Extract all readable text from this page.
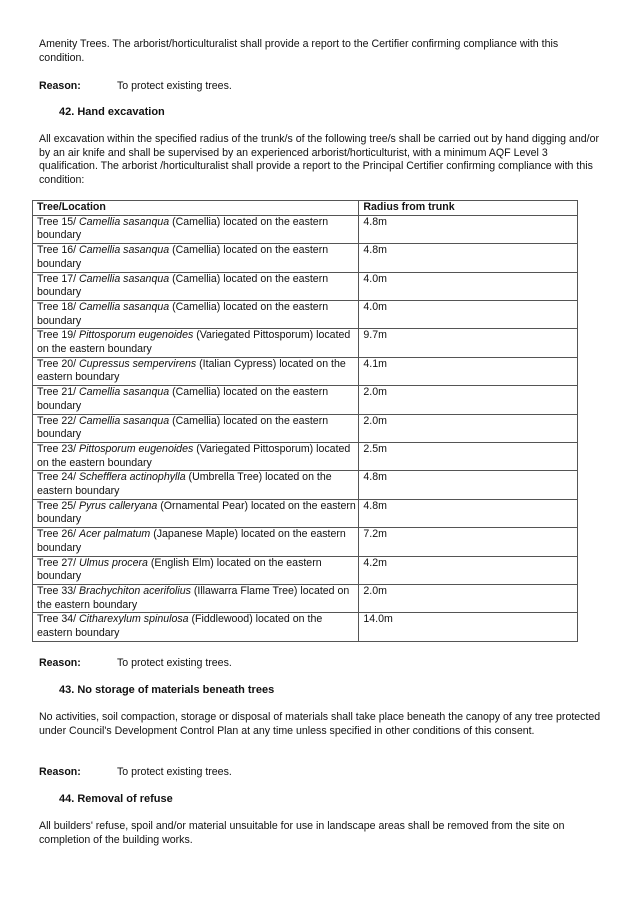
Amenity Trees. The arborist/horticulturalist shall provide a report to the Certifier confirming compliance with this condition.

Reason:	To protect existing trees.
42. Hand excavation

All excavation within the specified radius of the trunk/s of the following tree/s shall be carried out by hand digging and/or by an air knife and shall be supervised by an experienced arborist/horticulturist, with a minimum AQF Level 3 qualification. The arborist /horticulturalist shall provide a report to the Principal Certifier confirming compliance with this condition:

Tree/Location	Radius from trunk
Tree 15/ Camellia sasanqua (Camellia) located on the eastern boundary	4.8m
Tree 16/ Camellia sasanqua (Camellia) located on the eastern boundary	4.8m
Tree 17/ Camellia sasanqua (Camellia) located on the eastern boundary	4.0m
Tree 18/ Camellia sasanqua (Camellia) located on the eastern boundary	4.0m
Tree 19/ Pittosporum eugenoides (Variegated Pittosporum) located on the eastern boundary	9.7m
Tree 20/ Cupressus sempervirens (Italian Cypress) located on the eastern boundary	4.1m
Tree 21/ Camellia sasanqua (Camellia) located on the eastern boundary	2.0m
Tree 22/ Camellia sasanqua (Camellia) located on the eastern boundary	2.0m
Tree 23/ Pittosporum eugenoides (Variegated Pittosporum) located on the eastern boundary	2.5m
Tree 24/ Schefflera actinophylla (Umbrella Tree) located on the eastern boundary	4.8m
Tree 25/ Pyrus calleryana (Ornamental Pear) located on the eastern boundary	4.8m
Tree 26/ Acer palmatum (Japanese Maple) located on the eastern boundary	7.2m
Tree 27/ Ulmus procera (English Elm) located on the eastern boundary	4.2m
Tree 33/ Brachychiton acerifolius (Illawarra Flame Tree) located on the eastern boundary	2.0m
Tree 34/ Citharexylum spinulosa (Fiddlewood) located on the eastern boundary	14.0m
Reason:	To protect existing trees.
43. No storage of materials beneath trees

No activities, soil compaction, storage or disposal of materials shall take place beneath the canopy of any tree protected under Council's Development Control Plan at any time unless specified in other conditions of this consent.

Reason:	To protect existing trees.
44. Removal of refuse

All builders' refuse, spoil and/or material unsuitable for use in landscape areas shall be removed from the site on completion of the building works.
